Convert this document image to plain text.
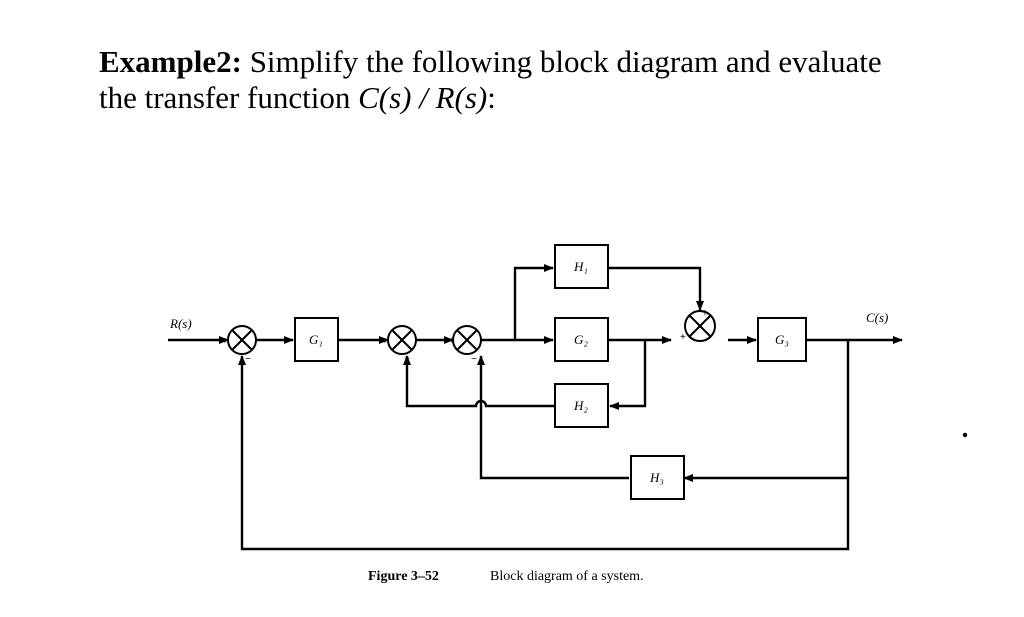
Example2: Simplify the following block diagram and evaluate
the transfer function C(s) / R(s):
+
−
+
+
+
−
+
+
G₁
H₁
G₂
H₂
H₃
G₃
R(s)	C(s)
Figure 3–52	Block diagram of a system.
